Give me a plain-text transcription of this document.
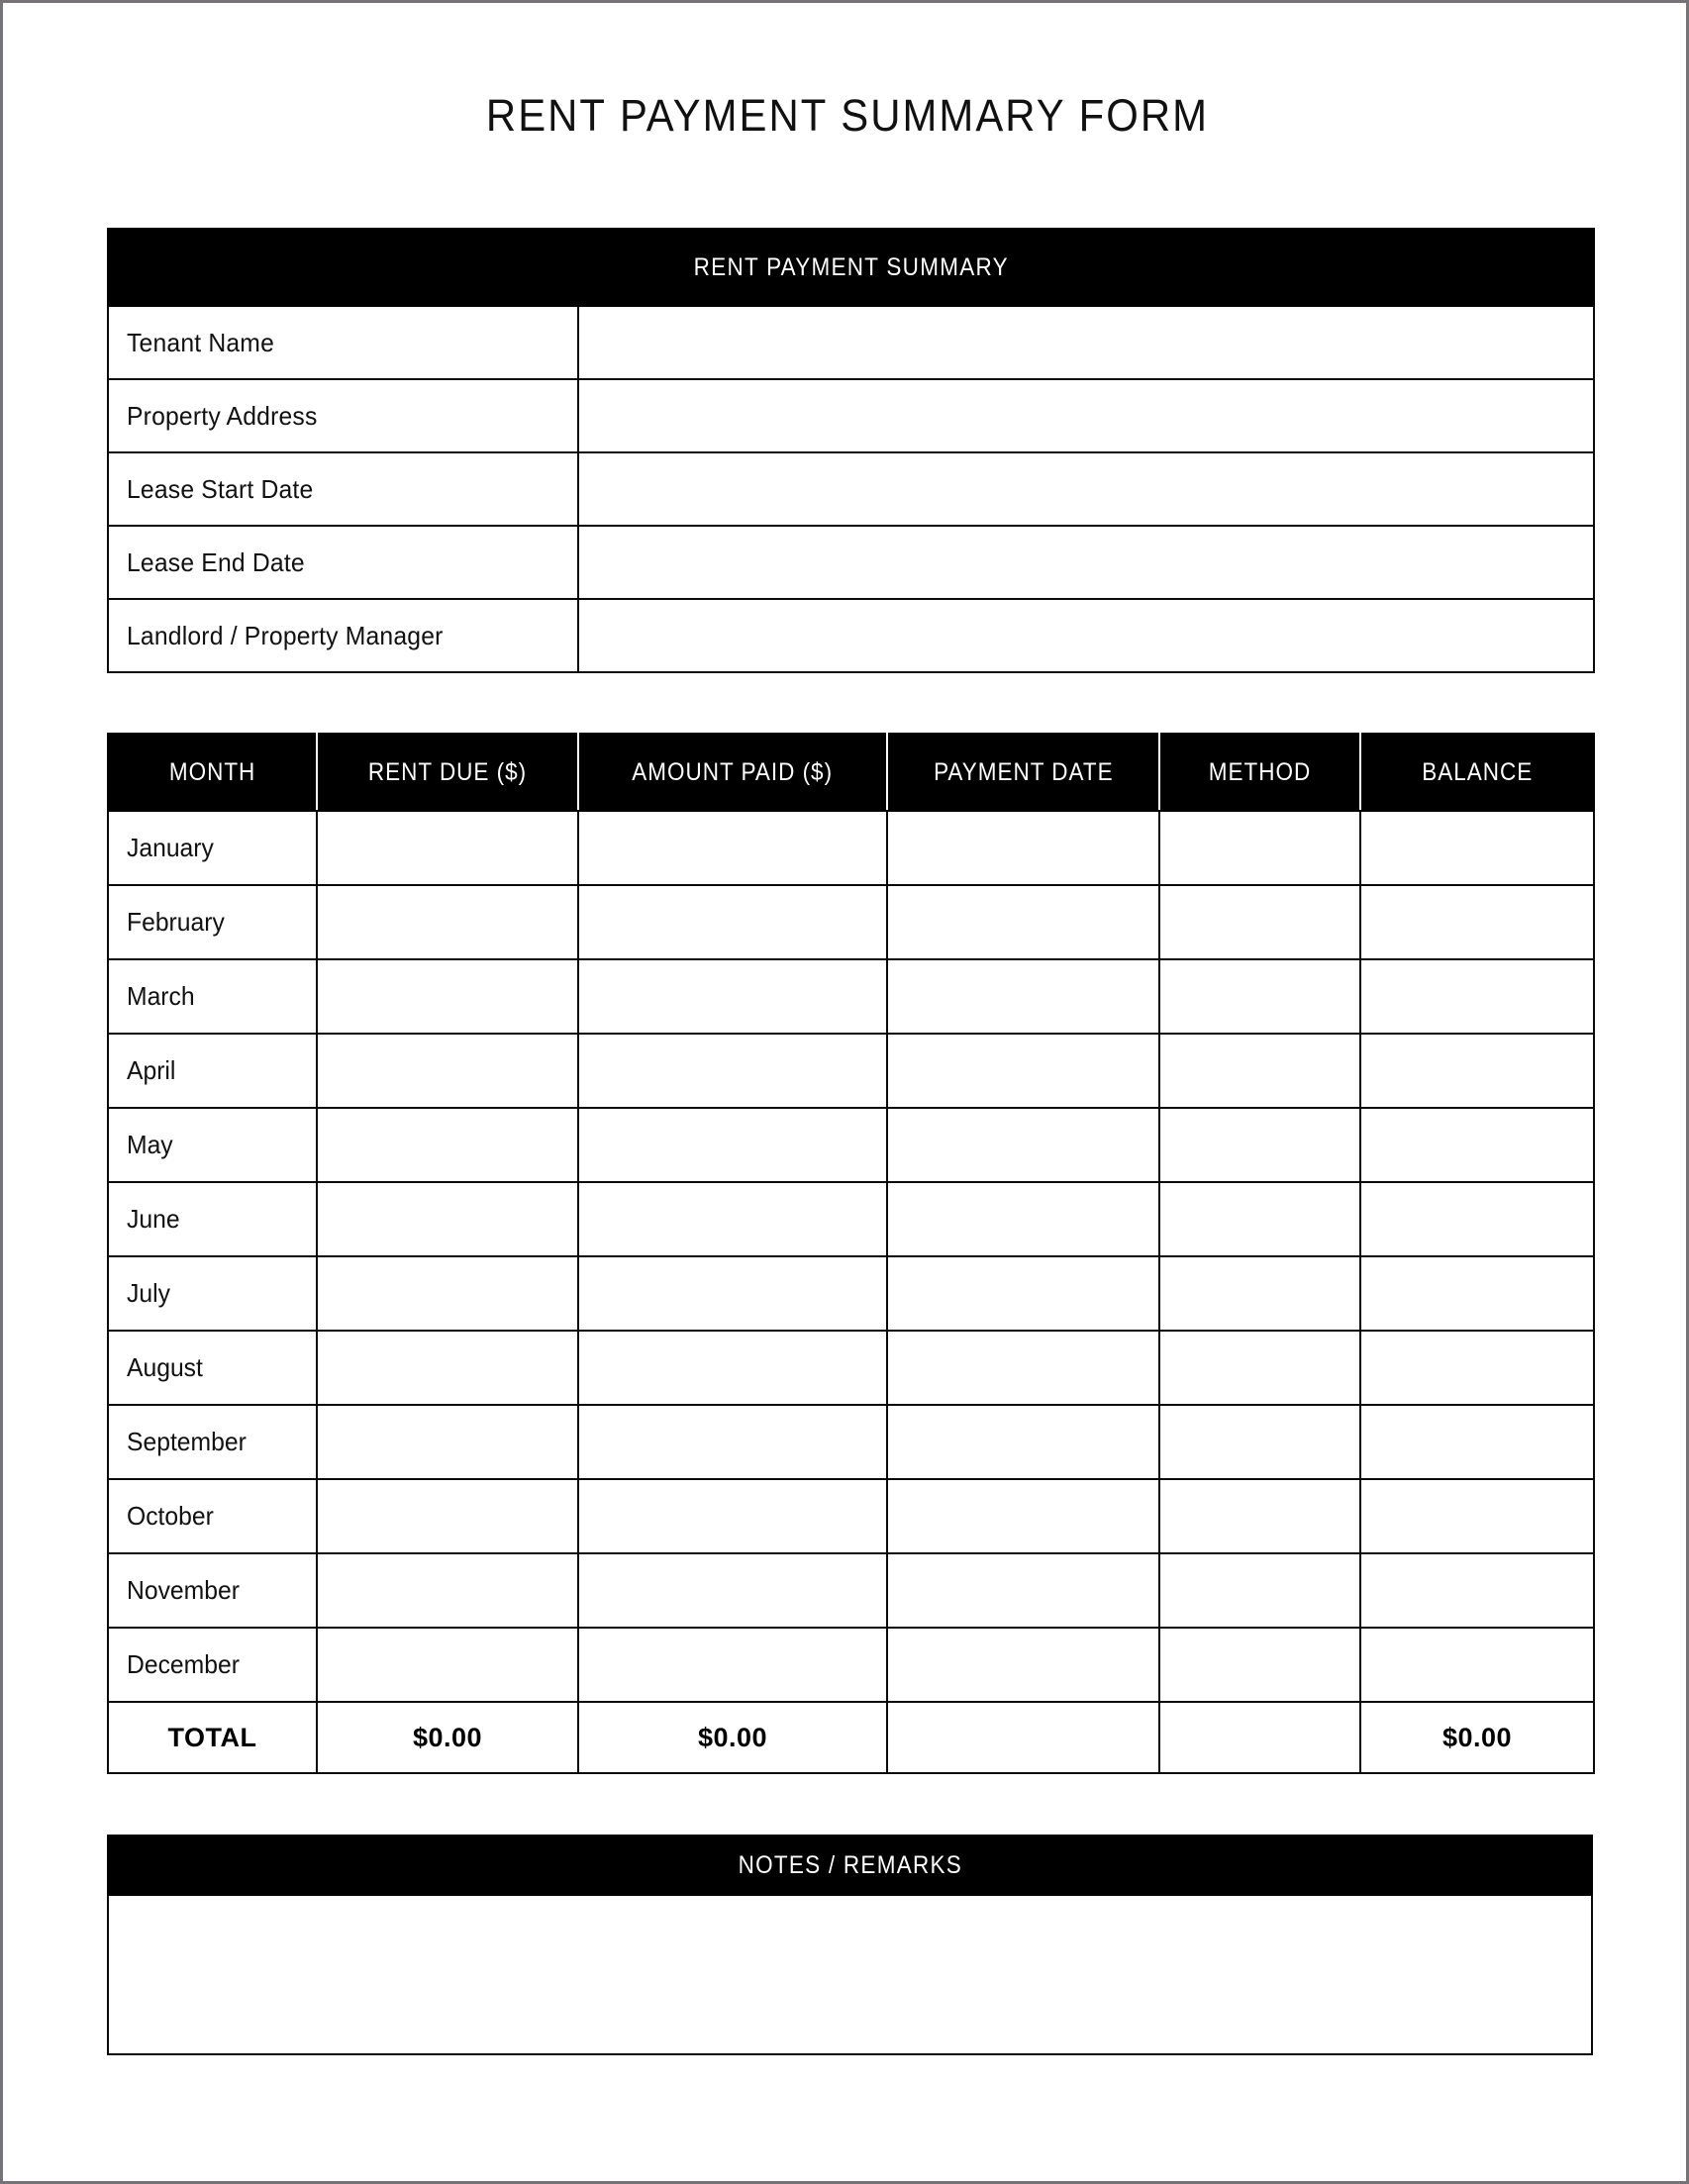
RENT PAYMENT SUMMARY FORM
RENT PAYMENT SUMMARY	
Tenant Name	
Property Address	
Lease Start Date	
Lease End Date	
Landlord / Property Manager	
MONTH	RENT DUE ($)	AMOUNT PAID ($)	PAYMENT DATE	METHOD	BALANCE
January					
February					
March					
April					
May					
June					
July					
August					
September					
October					
November					
December					
TOTAL	$0.00	$0.00			$0.00
NOTES / REMARKS
